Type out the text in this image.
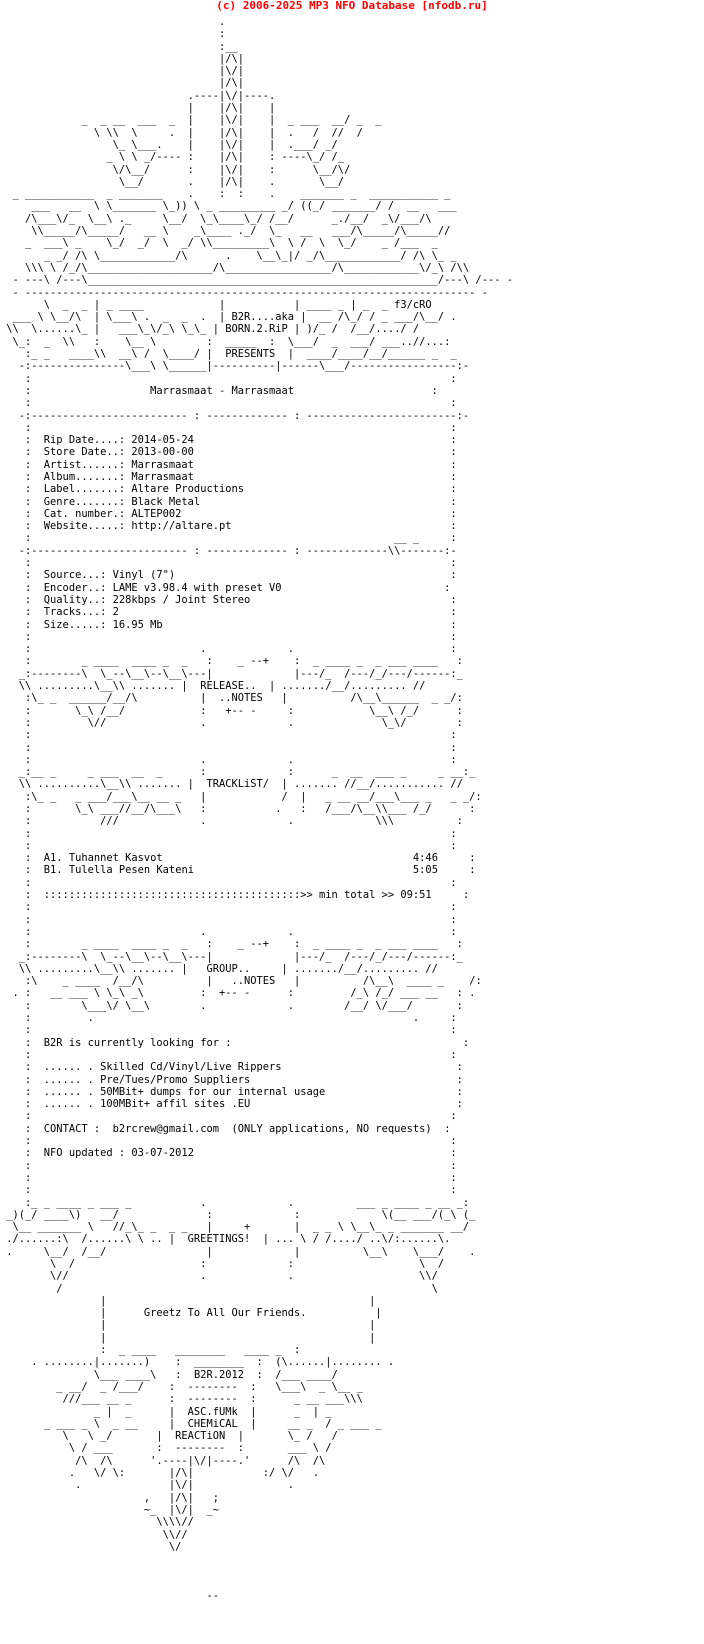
(c) 2006-2025 MP3 NFO Database [nfodb.ru]
.
:
:__
|/\|
|\/|
|/\|
.----|\/|----.
|    |/\|    |
_  _ __  ___  _  |    |\/|    |  _ ___  __/ _  _
\ \\  \     .  |    |/\|    |  .   /  //  /
\_ \___.    |    |\/|    |  .___/ _/
_ \ \ _/---- :    |/\|    : ----\_/ /_
\/\__/      :    |\/|    :      \__/\/
\__/       .    |/\|    .       \__/
_ ___________  _ _______    .    :  :    .    _______ _  ___________ _
___   __  \ \_______ \_)) \ _ _________ _/ ((_/ _______/ /  __   ___
/\___\/_  \__\ ._     \__/  \_\____\_/ /__/      _./__/  _\/___/\
\\_____/\_____/   __ \    _\____ ._/  \_   __   ___/\_____/\_____//
_  ___\ _    \_/  _/  \  _/ \\_________\  \ /  \  \_/    _ /___  _
_ _/ /\ \____________/\      .    \__\_|/ _/\____________/ /\ \_ _
\\\ \ /_/\____________________/\_________________/\____________\/_\ /\\
- ---\ /---\________________________________________________________/---\ /--- -
- ------------------------------------------------------------------------ -
\  _  _ | _ ____            |           | ____ _ | _  _ f3/cRO
___ \ \__/\  | \___\ .  _  _  .  | B2R....aka |  __ /\_/ / _ ___/\__/ .
\\  \......\_ |   ___\_\/_\ \_\_ | BORN.2.RiP | )/_ /  /__/..../ /
\_:  _  \\   :    \__ \        :  _____  :  \___/  _  ___/ ___..//...:
:_ _   ____\\  __\ /  \____/ |  PRESENTS  |  ____/____/__/______ _  _
-:---------------\___\ \______|----------|------\___/-----------------:-
:                                                                   :
:	Marrasmaat - Marrasmaat	:
:                                                                   :
-:------------------------- : ------------- : ------------------------:-
:                                                                   :
:  Rip Date....: 2014-05-24	:
:  Store Date..: 2013-00-00	:
:  Artist......: Marrasmaat	:
:  Album.......: Marrasmaat	:
:  Label.......: Altare Productions	:
:  Genre.......: Black Metal	:
:  Cat. number.: ALTEP002	:
:  Website.....: http://altare.pt	:
:                                                          __ _     :
-:------------------------- : ------------- : -------------\\-------:-
:                                                                   :
:  Source...: Vinyl (7")	:
:  Encoder..: LAME v3.98.4 with preset V0	:
:  Quality..: 228kbps / Joint Stereo	:
:  Tracks...: 2	:
:  Size.....: 16.95 Mb	:
:                                                                   :
:                           .             .                         :
:        _ ____  ____ _  _   :    _ --+    :  _ ____ _  _ ___ ____   :
_:--------\  \_--\__\--\__\---|             |---/_  /---/_/---/------:_
\\ .........\__\\ ....... |  RELEASE..  | ......./__/......... //
:\_ _  ______/__/\          |  ..NOTES   |          /\__\______  _ _/:
:       \_\ /__/            :   +-- -     :            \__\ /_/      :
:         \//               .             .              \_\/        :
:                                                                   :
:                                                                   :
:                           .             .                         :
_:__ _     _ ___  __  _      :             :      _  __  ___ _     _ __:_
\\ ..........\__\\ ....... |  TRACKLiST/  | ....... //__/........... //
:\_ _   _ ___/___\__ __ _   |            /  |   _ __ __/___\___ _   _ _/:
:       \_\ ___//__/\___\   :           .   :   /___/\__\\___ /_/      :
:           ///             .             .             \\\          :
:                                                                   :
:                                                                   :
:  A1. Tuhannet Kasvot	4:46	:
:  B1. Tulella Pesen Kateni	5:05	:
:                                                                   :
:  :::::::::::::::::::::::::::::::::::::::::>> min total >> 09:51	:
:                                                                   :
:                                                                   :
:                           .             .                         :
:        _ ____  ____ _  _   :    _ --+    :  _ ____ _  _ ___ ____   :
_:--------\  \_--\__\--\__\---|             |---/_  /---/_/---/------:_
\\ .........\__\\ ....... |   GROUP..	| ......./__/......... //
:\    _ ____  /__/\          |   ..NOTES   |          /\__\  ____ _    /:
. :   __ ___ \ \_\ _\         :  +-- -      :         /_\ /_/ ___ __   : .
:        \___\/ \__\        .             .        /__/ \/___/       :
:         .                                                   .     :
:                                                                   :
:  B2R is currently looking for :	:
:                                                                   :
:  ...... . Skilled Cd/Vinyl/Live Rippers	:
:  ...... . Pre/Tues/Promo Suppliers	:
:  ...... . 50MBit+ dumps for our internal usage	:
:  ...... . 100MBit+ affil sites .EU	:
:                                                                   :
:  CONTACT : b2rcrew@gmail.com (ONLY applications, NO requests)  :
:                                                                   :
:  NFO updated : 03-07-2012	:
:                                                                   :
:                                                                   :
:                                                                   :
:_ _ ____ _ ___ _           .             .          ___ _ ____ _ __ _:
_)(_/ ____\)   __/              :             :             \(__ ___/(_\ (_
\__ _______ \   //_\_ _  _ _   |     +       |  _ _ \ \__\_ _ _______ __/
./......:\  /......\ \ .. |  GREETINGS!  | ... \ / /..../ ..\/:......\.
.     \__/  /__/                |             |          \__\    \___/    .
\  /                    :             :                    \  /
\//                     .             .                    \\/
/                                                           \
|                                          |
|	Greetz To All Our Friends.	|
|                                          |
|                                          |
:  _ ____   ________   ____ _  :
. ........|.......)    :  ________  :  (\......|........ .
\___ ____\   :  B2R.2012  :  /___ ____/
_ __/  _ /___/    :  --------  :   \___\  _ \__ _
///___ __ _      :  --------  :      _ __ ___\\\
_ |  _      |  ASC.fUMk  |      _  | _
_ ___ _ \  _ __     |  CHEMiCAL  |     __ _  / _ ___ _
\   \ _/       |  REACTiON  |       \_ /   /
\ / ___       :  --------  :       ___ \ /
/\  /\      '.----|\/|----.'      /\  /\
.   \/ \:       |/\|           :/ \/   .
.              |\/|               .
,   |/\|   ;
~_  |\/|  _~
\\\\//
\\//
\/

--
